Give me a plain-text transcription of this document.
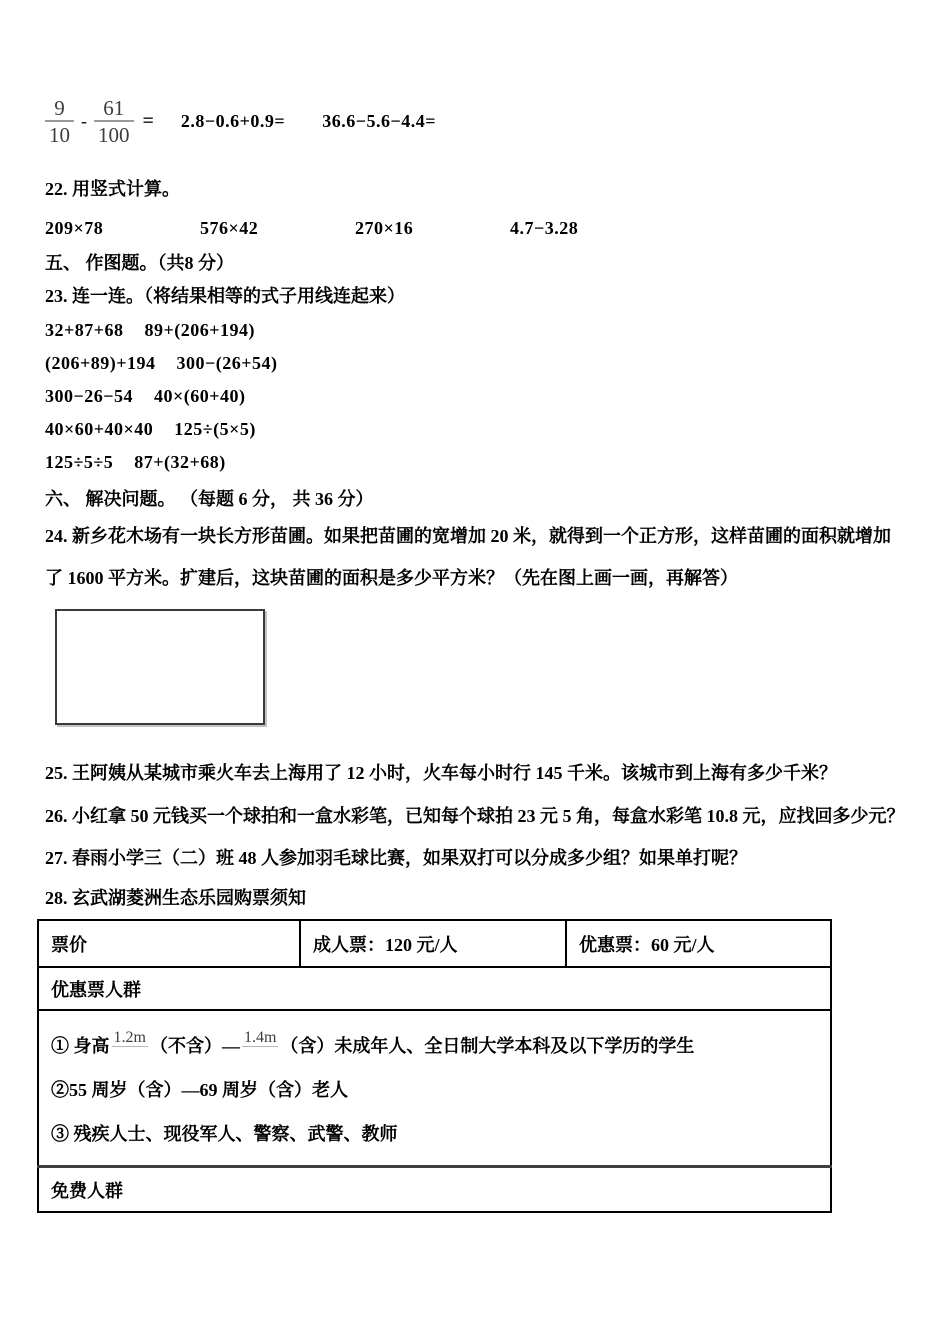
$\frac{9}{10} - \frac{61}{100} = 2.8-0.6+0.9= 36.6-5.6-4.4=$
22. 用竖式计算。
209×78	576×42	270×16	4.7−3.28
五、 作图题。（共8 分）
23. 连一连。（将结果相等的式子用线连起来）
32+87+68 89+(206+194)
(206+89)+194 300−(26+54)
300−26−54 40×(60+40)
40×60+40×40 125÷(5×5)
125÷5÷5 87+(32+68)
六、 解决问题。 （每题 6 分， 共 36 分）
24. 新乡花木场有一块长方形苗圃。如果把苗圃的宽增加 20 米，就得到一个正方形，这样苗圃的面积就增加了 1600 平方米。扩建后，这块苗圃的面积是多少平方米？（先在图上画一画，再解答）
25. 王阿姨从某城市乘火车去上海用了 12 小时，火车每小时行 145 千米。该城市到上海有多少千米？
26. 小红拿 50 元钱买一个球拍和一盒水彩笔，已知每个球拍 23 元 5 角，每盒水彩笔 10.8 元，应找回多少元？
27. 春雨小学三（二）班 48 人参加羽毛球比赛，如果双打可以分成多少组？如果单打呢？
28. 玄武湖菱洲生态乐园购票须知
票价	成人票：120 元/人	优惠票：60 元/人
优惠票人群

① 身高 1.2m （不含）— 1.4m （含）未成年人、全日制大学本科及以下学历的学生
②55 周岁（含）—69 周岁（含）老人
③ 残疾人士、现役军人、警察、武警、教师

免费人群
